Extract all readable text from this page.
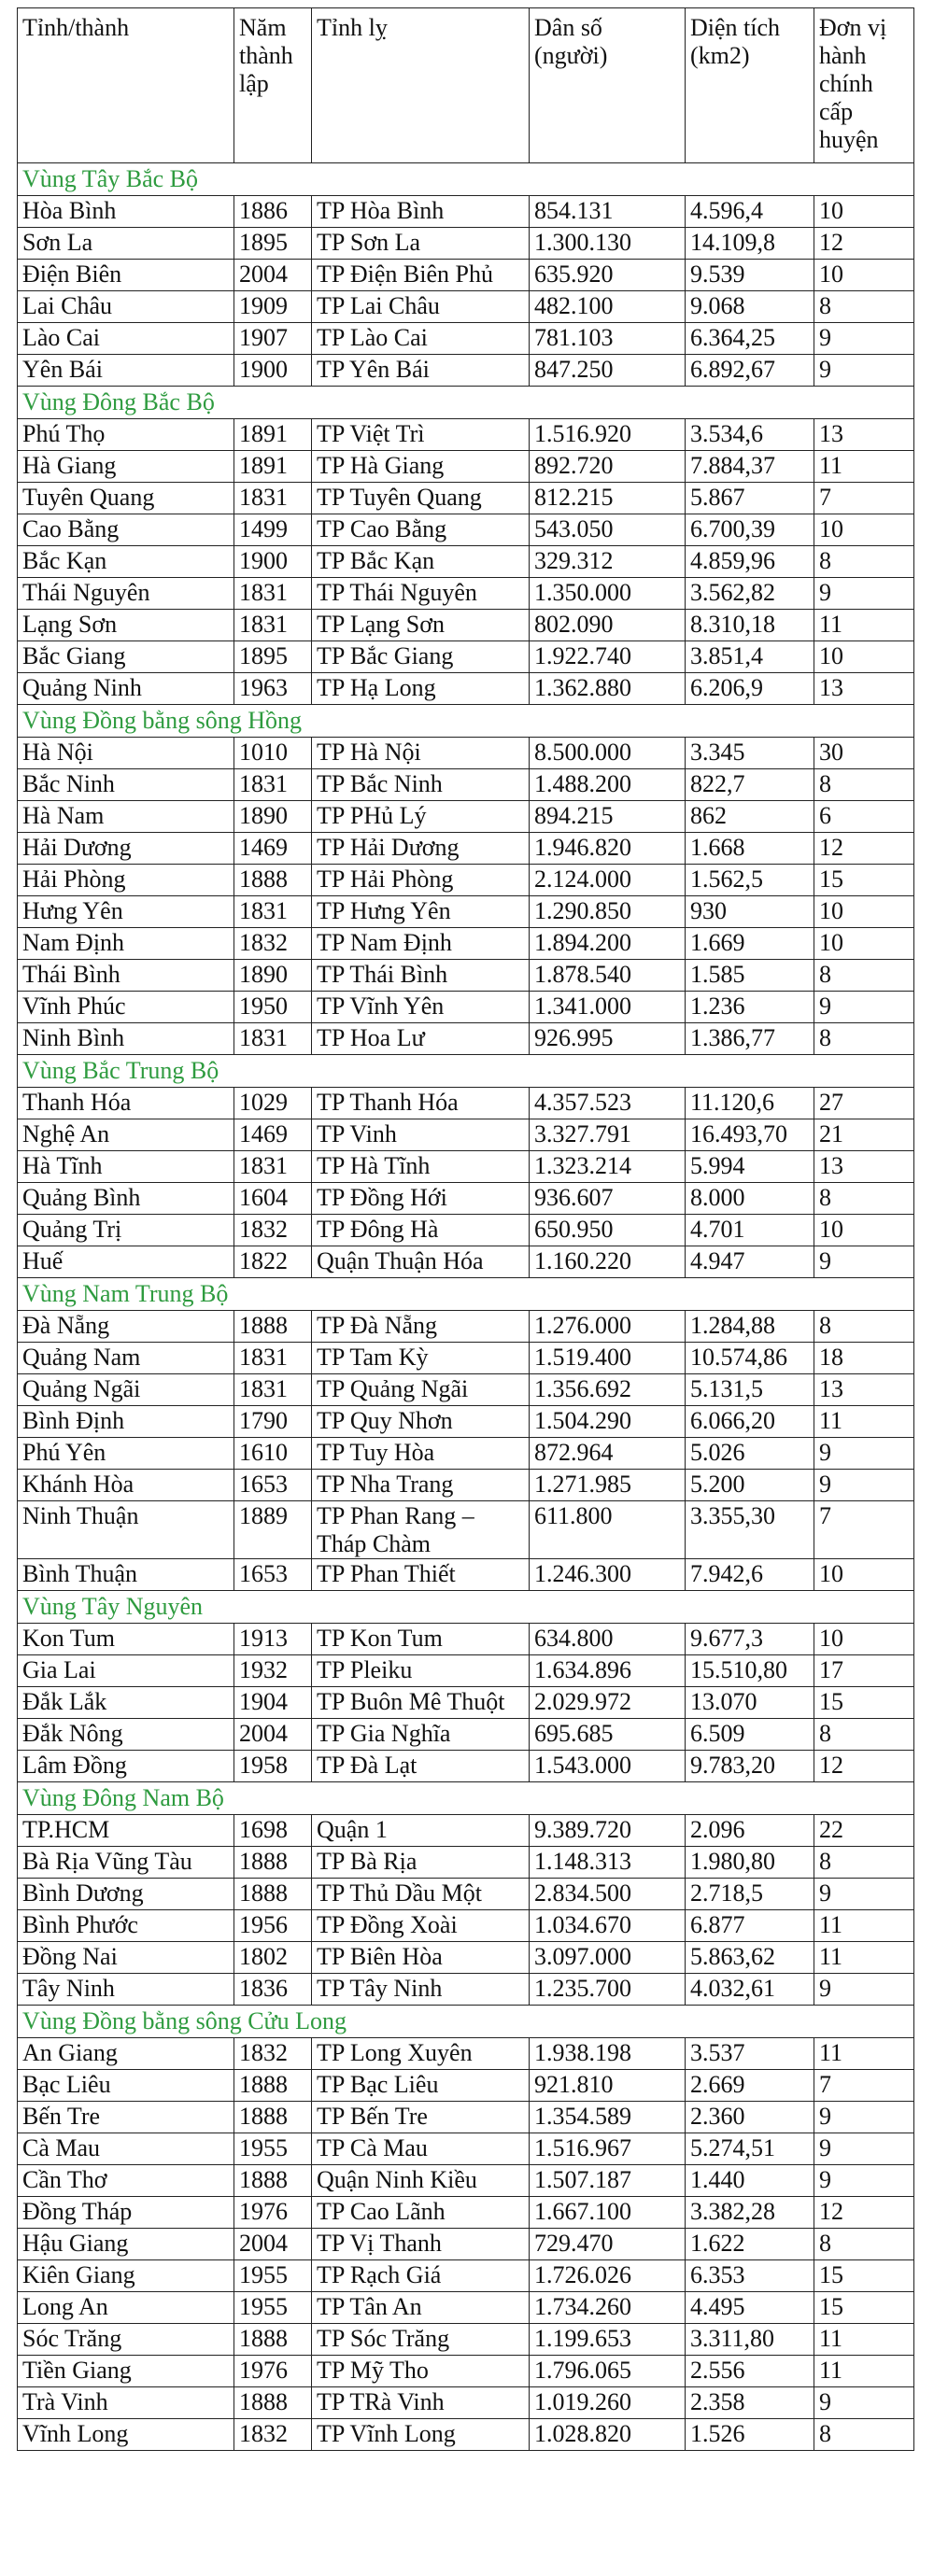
Tỉnh/thành	Năm thành lập	Tỉnh lỵ	Dân số (người)	Diện tích (km2)	Đơn vị hành chính cấp huyện
Vùng Tây Bắc Bộ					
Hòa Bình	1886	TP Hòa Bình	854.131	4.596,4	10
Sơn La	1895	TP Sơn La	1.300.130	14.109,8	12
Điện Biên	2004	TP Điện Biên Phủ	635.920	9.539	10
Lai Châu	1909	TP Lai Châu	482.100	9.068	8
Lào Cai	1907	TP Lào Cai	781.103	6.364,25	9
Yên Bái	1900	TP Yên Bái	847.250	6.892,67	9
Vùng Đông Bắc Bộ					
Phú Thọ	1891	TP Việt Trì	1.516.920	3.534,6	13
Hà Giang	1891	TP Hà Giang	892.720	7.884,37	11
Tuyên Quang	1831	TP Tuyên Quang	812.215	5.867	7
Cao Bằng	1499	TP Cao Bằng	543.050	6.700,39	10
Bắc Kạn	1900	TP Bắc Kạn	329.312	4.859,96	8
Thái Nguyên	1831	TP Thái Nguyên	1.350.000	3.562,82	9
Lạng Sơn	1831	TP Lạng Sơn	802.090	8.310,18	11
Bắc Giang	1895	TP Bắc Giang	1.922.740	3.851,4	10
Quảng Ninh	1963	TP Hạ Long	1.362.880	6.206,9	13
Vùng Đồng bằng sông Hồng					
Hà Nội	1010	TP Hà Nội	8.500.000	3.345	30
Bắc Ninh	1831	TP Bắc Ninh	1.488.200	822,7	8
Hà Nam	1890	TP PHủ Lý	894.215	862	6
Hải Dương	1469	TP Hải Dương	1.946.820	1.668	12
Hải Phòng	1888	TP Hải Phòng	2.124.000	1.562,5	15
Hưng Yên	1831	TP Hưng Yên	1.290.850	930	10
Nam Định	1832	TP Nam Định	1.894.200	1.669	10
Thái Bình	1890	TP Thái Bình	1.878.540	1.585	8
Vĩnh Phúc	1950	TP Vĩnh Yên	1.341.000	1.236	9
Ninh Bình	1831	TP Hoa Lư	926.995	1.386,77	8
Vùng Bắc Trung Bộ					
Thanh Hóa	1029	TP Thanh Hóa	4.357.523	11.120,6	27
Nghệ An	1469	TP Vinh	3.327.791	16.493,70	21
Hà Tĩnh	1831	TP Hà Tĩnh	1.323.214	5.994	13
Quảng Bình	1604	TP Đồng Hới	936.607	8.000	8
Quảng Trị	1832	TP Đông Hà	650.950	4.701	10
Huế	1822	Quận Thuận Hóa	1.160.220	4.947	9
Vùng Nam Trung Bộ					
Đà Nẵng	1888	TP Đà Nẵng	1.276.000	1.284,88	8
Quảng Nam	1831	TP Tam Kỳ	1.519.400	10.574,86	18
Quảng Ngãi	1831	TP Quảng Ngãi	1.356.692	5.131,5	13
Bình Định	1790	TP Quy Nhơn	1.504.290	6.066,20	11
Phú Yên	1610	TP Tuy Hòa	872.964	5.026	9
Khánh Hòa	1653	TP Nha Trang	1.271.985	5.200	9
Ninh Thuận	1889	TP Phan Rang – Tháp Chàm	611.800	3.355,30	7
Bình Thuận	1653	TP Phan Thiết	1.246.300	7.942,6	10
Vùng Tây Nguyên					
Kon Tum	1913	TP Kon Tum	634.800	9.677,3	10
Gia Lai	1932	TP Pleiku	1.634.896	15.510,80	17
Đắk Lắk	1904	TP Buôn Mê Thuột	2.029.972	13.070	15
Đắk Nông	2004	TP Gia Nghĩa	695.685	6.509	8
Lâm Đồng	1958	TP Đà Lạt	1.543.000	9.783,20	12
Vùng Đông Nam Bộ					
TP.HCM	1698	Quận 1	9.389.720	2.096	22
Bà Rịa Vũng Tàu	1888	TP Bà Rịa	1.148.313	1.980,80	8
Bình Dương	1888	TP Thủ Dầu Một	2.834.500	2.718,5	9
Bình Phước	1956	TP Đồng Xoài	1.034.670	6.877	11
Đồng Nai	1802	TP Biên Hòa	3.097.000	5.863,62	11
Tây Ninh	1836	TP Tây Ninh	1.235.700	4.032,61	9
Vùng Đồng bằng sông Cửu Long					
An Giang	1832	TP Long Xuyên	1.938.198	3.537	11
Bạc Liêu	1888	TP Bạc Liêu	921.810	2.669	7
Bến Tre	1888	TP Bến Tre	1.354.589	2.360	9
Cà Mau	1955	TP Cà Mau	1.516.967	5.274,51	9
Cần Thơ	1888	Quận Ninh Kiều	1.507.187	1.440	9
Đồng Tháp	1976	TP Cao Lãnh	1.667.100	3.382,28	12
Hậu Giang	2004	TP Vị Thanh	729.470	1.622	8
Kiên Giang	1955	TP Rạch Giá	1.726.026	6.353	15
Long An	1955	TP Tân An	1.734.260	4.495	15
Sóc Trăng	1888	TP Sóc Trăng	1.199.653	3.311,80	11
Tiền Giang	1976	TP Mỹ Tho	1.796.065	2.556	11
Trà Vinh	1888	TP TRà Vinh	1.019.260	2.358	9
Vĩnh Long	1832	TP Vĩnh Long	1.028.820	1.526	8
